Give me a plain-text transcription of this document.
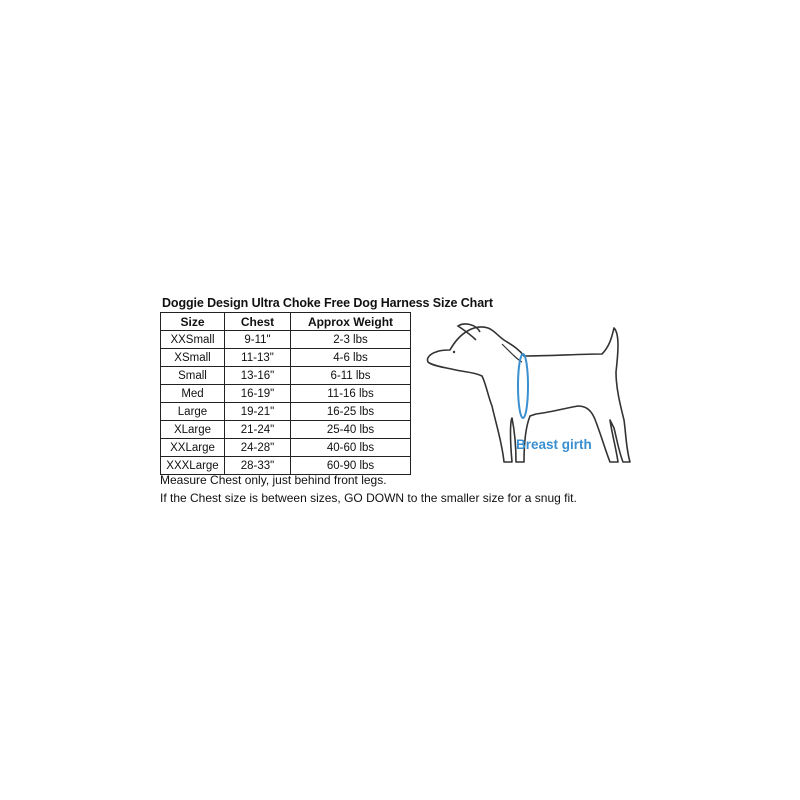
Doggie Design Ultra Choke Free Dog Harness Size Chart
Size	Chest	Approx Weight
XXSmall	9-11"	2-3 lbs
XSmall	11-13"	4-6 lbs
Small	13-16"	6-11 lbs
Med	16-19"	11-16 lbs
Large	19-21"	16-25 lbs
XLarge	21-24"	25-40 lbs
XXLarge	24-28"	40-60 lbs
XXXLarge	28-33"	60-90 lbs
Measure Chest only, just behind front legs.
If the Chest size is between sizes, GO DOWN to the smaller size for a snug fit.
Breast girth
